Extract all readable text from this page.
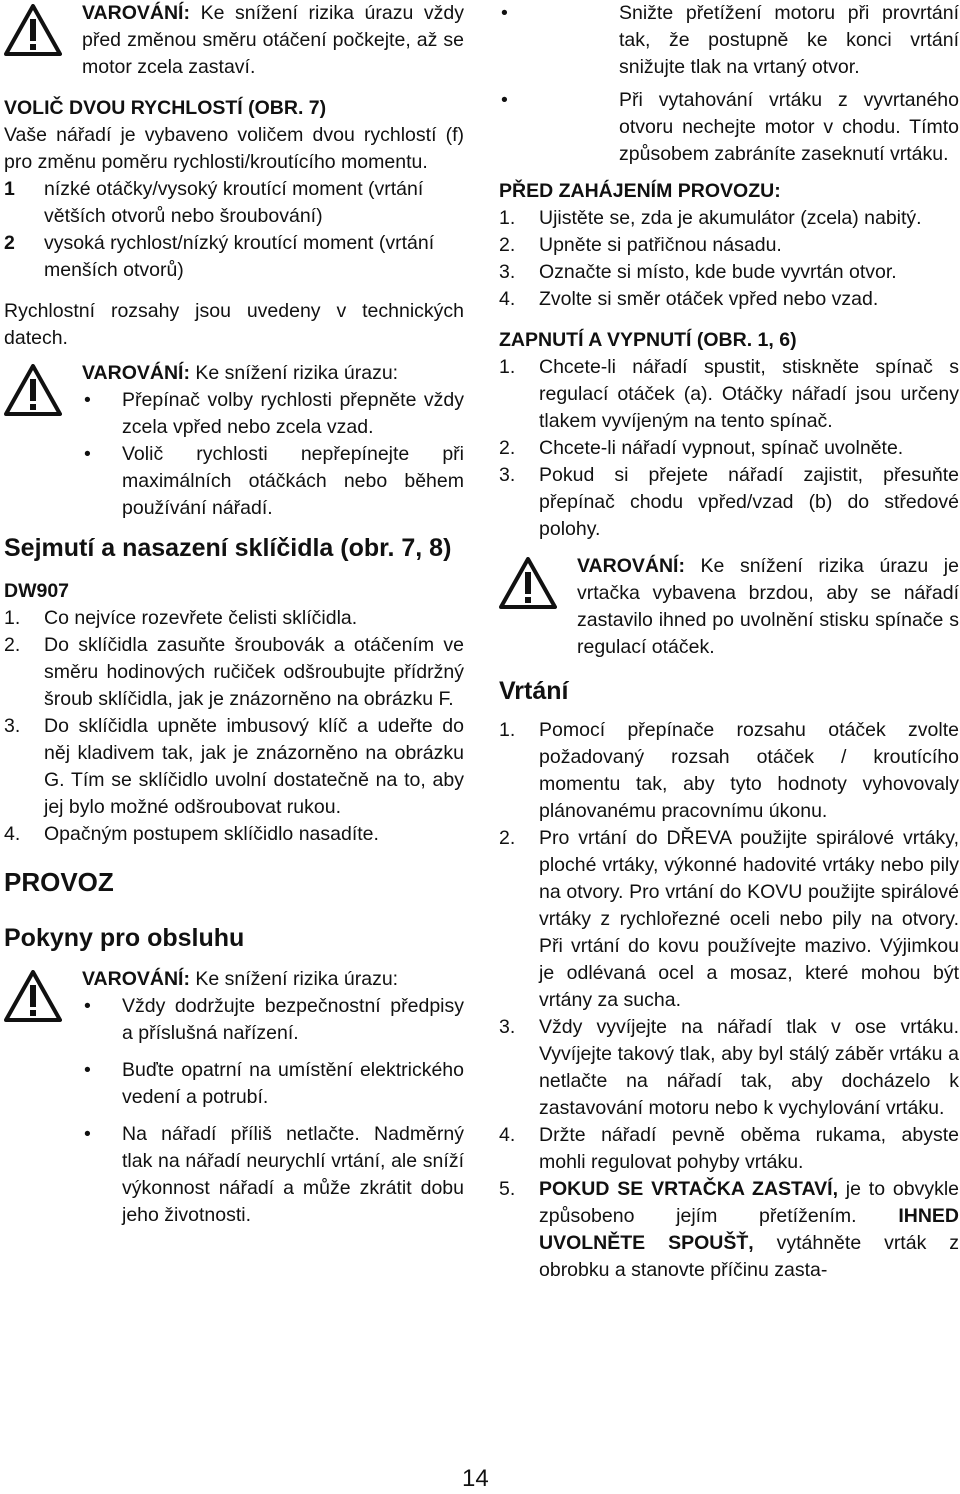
VAROVÁNÍ: Ke snížení rizika úrazu vždy před změnou směru otáčení počkejte, až se motor zcela zastaví.

VOLIČ DVOU RYCHLOSTÍ (OBR. 7)

Vaše nářadí je vybaveno voličem dvou rychlostí (f) pro změnu poměru rychlosti/kroutícího momentu.

1 nízké otáčky/vysoký kroutící moment (vrtání větších otvorů nebo šroubování)

2 vysoká rychlost/nízký kroutící moment (vrtání menších otvorů)

Rychlostní rozsahy jsou uvedeny v technických datech.

VAROVÁNÍ: Ke snížení rizika úrazu:

• Přepínač volby rychlosti přepněte vždy zcela vpřed nebo zcela vzad.

• Volič rychlosti nepřepínejte při maximálních otáčkách nebo během používání nářadí.

Sejmutí a nasazení sklíčidla (obr. 7, 8)

DW907

1. Co nejvíce rozevřete čelisti sklíčidla.

2. Do sklíčidla zasuňte šroubovák a otáčením ve směru hodinových ručiček odšroubujte přídržný šroub sklíčidla, jak je znázorněno na obrázku F.

3. Do sklíčidla upněte imbusový klíč a udeřte do něj kladivem tak, jak je znázorněno na obrázku G. Tím se sklíčidlo uvolní dostatečně na to, aby jej bylo možné odšroubovat rukou.

4. Opačným postupem sklíčidlo nasadíte.

PROVOZ

Pokyny pro obsluhu

VAROVÁNÍ: Ke snížení rizika úrazu:

• Vždy dodržujte bezpečnostní předpisy a příslušná nařízení.

• Buďte opatrní na umístění elektrického vedení a potrubí.

• Na nářadí příliš netlačte. Nadměrný tlak na nářadí neurychlí vrtání, ale sníží výkonnost nářadí a může zkrátit dobu jeho životnosti.

• Snižte přetížení motoru při provrtání tak, že postupně ke konci vrtání snižujte tlak na vrtaný otvor.

• Při vytahování vrtáku z vyvrtaného otvoru nechejte motor v chodu. Tímto způsobem zabráníte zaseknutí vrtáku.

PŘED ZAHÁJENÍM PROVOZU:

1. Ujistěte se, zda je akumulátor (zcela) nabitý.

2. Upněte si patřičnou násadu.

3. Označte si místo, kde bude vyvrtán otvor.

4. Zvolte si směr otáček vpřed nebo vzad.

ZAPNUTÍ A VYPNUTÍ (OBR. 1, 6)

1. Chcete-li nářadí spustit, stiskněte spínač s regulací otáček (a). Otáčky nářadí jsou určeny tlakem vyvíjeným na tento spínač.

2. Chcete-li nářadí vypnout, spínač uvolněte.

3. Pokud si přejete nářadí zajistit, přesuňte přepínač chodu vpřed/vzad (b) do středové polohy.

VAROVÁNÍ: Ke snížení rizika úrazu je vrtačka vybavena brzdou, aby se nářadí zastavilo ihned po uvolnění stisku spínače s regulací otáček.

Vrtání

1. Pomocí přepínače rozsahu otáček zvolte požadovaný rozsah otáček / kroutícího momentu tak, aby tyto hodnoty vyhovovaly plánovanému pracovnímu úkonu.

2. Pro vrtání do DŘEVA použijte spirálové vrtáky, ploché vrtáky, výkonné hadovité vrtáky nebo pily na otvory. Pro vrtání do KOVU použijte spirálové vrtáky z rychlořezné oceli nebo pily na otvory. Při vrtání do kovu používejte mazivo. Výjimkou je odlévaná ocel a mosaz, které mohou být vrtány za sucha.

3. Vždy vyvíjejte na nářadí tlak v ose vrtáku. Vyvíjejte takový tlak, aby byl stálý záběr vrtáku a netlačte na nářadí tak, aby docházelo k zastavování motoru nebo k vychylování vrtáku.

4. Držte nářadí pevně oběma rukama, abyste mohli regulovat pohyby vrtáku.

5. POKUD SE VRTAČKA ZASTAVÍ, je to obvykle způsobeno jejím přetížením. IHNED UVOLNĚTE SPOUŠŤ, vytáhněte vrták z obrobku a stanovte příčinu zasta-

14
